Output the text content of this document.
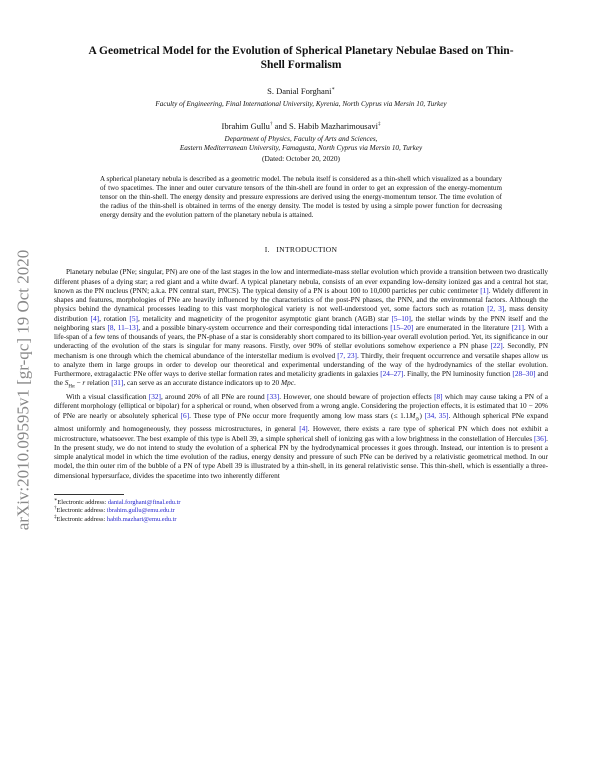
arXiv:2010.09595v1 [gr-qc] 19 Oct 2020
A Geometrical Model for the Evolution of Spherical Planetary Nebulae Based on Thin-Shell Formalism
S. Danial Forghani∗
Faculty of Engineering, Final International University, Kyrenia, North Cyprus via Mersin 10, Turkey
Ibrahim Gullu† and S. Habib Mazharimousavi‡
Department of Physics, Faculty of Arts and Sciences,
Eastern Mediterranean University, Famagusta, North Cyprus via Mersin 10, Turkey
(Dated: October 20, 2020)
A spherical planetary nebula is described as a geometric model. The nebula itself is considered as a thin-shell which visualized as a boundary of two spacetimes. The inner and outer curvature tensors of the thin-shell are found in order to get an expression of the energy-momentum tensor on the thin-shell. The energy density and pressure expressions are derived using the energy-momentum tensor. The time evolution of the radius of the thin-shell is obtained in terms of the energy density. The model is tested by using a simple power function for decreasing energy density and the evolution pattern of the planetary nebula is attained.
I. INTRODUCTION

Planetary nebulae (PNe; singular, PN) are one of the last stages in the low and intermediate-mass stellar evolution which provide a transition between two drastically different phases of a dying star; a red giant and a white dwarf. A typical planetary nebula, consists of an ever expanding low-density ionized gas and a central hot star, known as the PN nucleus (PNN; a.k.a. PN central start, PNCS). The typical density of a PN is about 100 to 10,000 particles per cubic centimeter [1]. Widely different in shapes and features, morphologies of PNe are heavily influenced by the characteristics of the post-PN phases, the PNN, and the environmental factors. Although the physics behind the dynamical processes leading to this vast morphological variety is not well-understood yet, some factors such as rotation [2, 3], mass density distribution [4], rotation [5], metalicity and magneticity of the progenitor asymptotic giant branch (AGB) star [5–10], the stellar winds by the PNN itself and the neighboring stars [8, 11–13], and a possible binary-system occurrence and their corresponding tidal interactions [15–20] are enumerated in the literature [21]. With a life-span of a few tens of thousands of years, the PN-phase of a star is considerably short compared to its billion-year overall evolution period. Yet, its significance in our underacting of the evolution of the stars is singular for many reasons. Firstly, over 90% of stellar evolutions somehow experience a PN phase [22]. Secondly, PN mechanism is one through which the chemical abundance of the interstellar medium is evolved [7, 23]. Thirdly, their frequent occurrence and versatile shapes allow us to analyze them in large groups in order to develop our theoretical and experimental understanding of the way of the hydrodynamics of the stellar evolution. Furthermore, extragalactic PNe offer ways to derive stellar formation rates and metalicity gradients in galaxies [24–27]. Finally, the PN luminosity function [28–30] and the $S_{H\alpha} - r$ relation [31], can serve as an accurate distance indicators up to 20 Mpc.

With a visual classification [32], around 20% of all PNe are round [33]. However, one should beware of projection effects [8] which may cause taking a PN of a different morphology (elliptical or bipolar) for a spherical or round, when observed from a wrong angle. Considering the projection effects, it is estimated that 10 − 20% of PNe are nearly or absolutely spherical [6]. These type of PNe occur more frequently among low mass stars (≤ $1.1M_⊙$) [34, 35]. Although spherical PNe expand almost uniformly and homogeneously, they possess microstructures, in general [4]. However, there exists a rare type of spherical PN which does not exhibit a microstructure, whatsoever. The best example of this type is Abell 39, a simple spherical shell of ionizing gas with a low brightness in the constellation of Hercules [36]. In the present study, we do not intend to study the evolution of a spherical PN by the hydrodynamical processes it goes through. Instead, our intention is to present a simple analytical model in which the time evolution of the radius, energy density and pressure of such PNe can be derived by a relativistic geometrical method. In our model, the thin outer rim of the bubble of a PN of type Abell 39 is illustrated by a thin-shell, in its general relativistic sense. This thin-shell, which is essentially a three-dimensional hypersurface, divides the spacetime into two inherently different

∗Electronic address: danial.forghani@final.edu.tr
†Electronic address: ibrahim.gullu@emu.edu.tr
‡Electronic address: habib.mazhari@emu.edu.tr
